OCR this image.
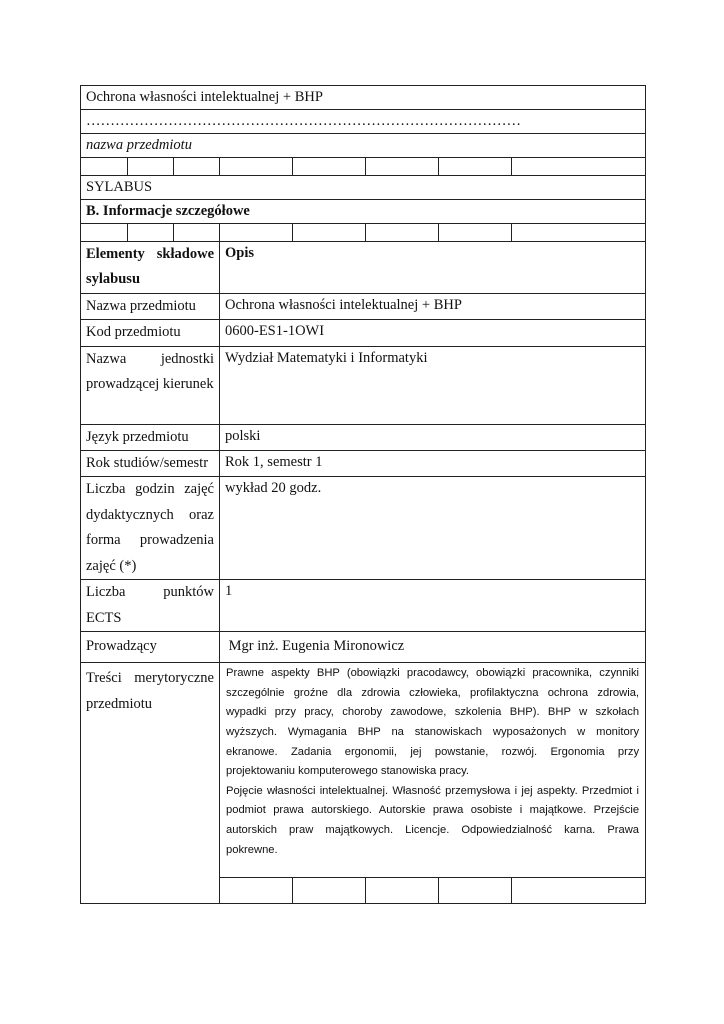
Ochrona własności intelektualnej + BHP							
………………………………………………………………………………							
nazwa przedmiotu							

SYLABUS							
B. Informacje szczegółowe							

Elementy składowe sylabusu			Opis				
Nazwa przedmiotu			Ochrona własności intelektualnej + BHP				
Kod przedmiotu			0600-ES1-1OWI				
Nazwa jednostki prowadzącej kierunek			Wydział Matematyki i Informatyki				
Język przedmiotu			polski				
Rok studiów/semestr			Rok 1, semestr 1				
Liczba godzin zajęć dydaktycznych oraz forma prowadzenia zajęć (*)			wykład 20 godz.				
Liczba punktów ECTS			1				
Prowadzący			Mgr inż. Eugenia Mironowicz				
Treści merytoryczne przedmiotu			Prawne aspekty BHP (obowiązki pracodawcy, obowiązki pracownika, czynniki szczególnie groźne dla zdrowia człowieka, profilaktyczna ochrona zdrowia, wypadki przy pracy, choroby zawodowe, szkolenia BHP). BHP w szkołach wyższych. Wymagania BHP na stanowiskach wyposażonych w monitory ekranowe. Zadania ergonomii, jej powstanie, rozwój. Ergonomia przy projektowaniu komputerowego stanowiska pracy.

Pojęcie własności intelektualnej. Własność przemysłowa i jej aspekty. Przedmiot i podmiot prawa autorskiego. Autorskie prawa osobiste i majątkowe. Przejście autorskich praw majątkowych. Licencje. Odpowiedzialność karna. Prawa pokrewne.				
